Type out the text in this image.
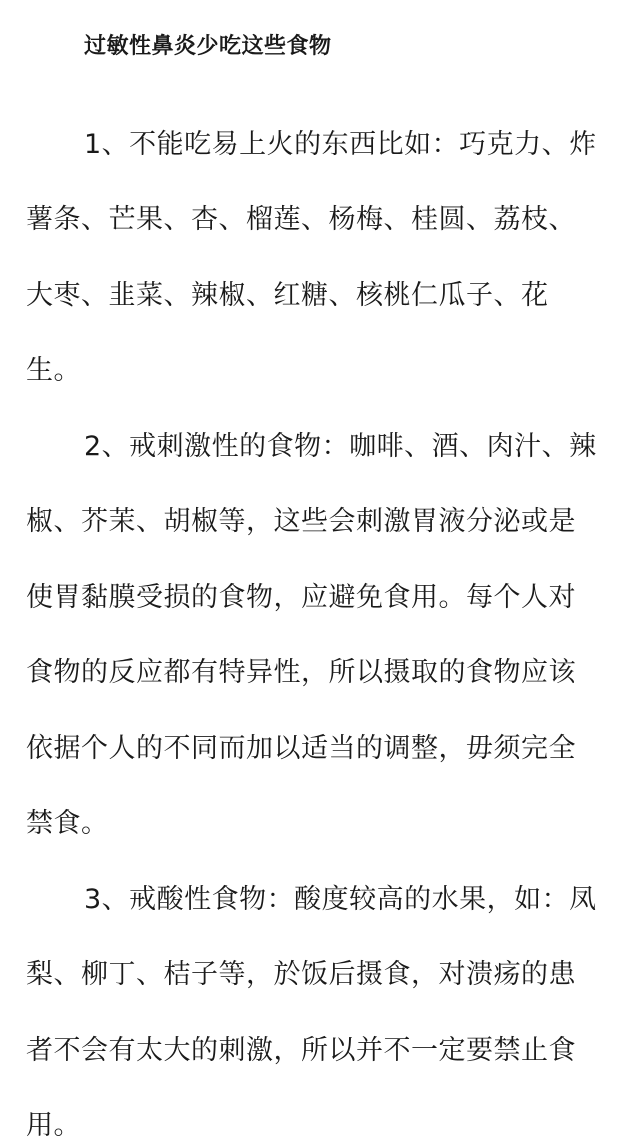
过敏性鼻炎少吃这些食物
1、不能吃易上火的东西比如：巧克力、炸
薯条、芒果、杏、榴莲、杨梅、桂圆、荔枝、
大枣、韭菜、辣椒、红糖、核桃仁瓜子、花
生。
2、戒刺激性的食物：咖啡、酒、肉汁、辣
椒、芥茉、胡椒等，这些会刺激胃液分泌或是
使胃黏膜受损的食物，应避免食用。每个人对
食物的反应都有特异性，所以摄取的食物应该
依据个人的不同而加以适当的调整，毋须完全
禁食。
3、戒酸性食物：酸度较高的水果，如：凤
梨、柳丁、桔子等，於饭后摄食，对溃疡的患
者不会有太大的刺激，所以并不一定要禁止食
用。
